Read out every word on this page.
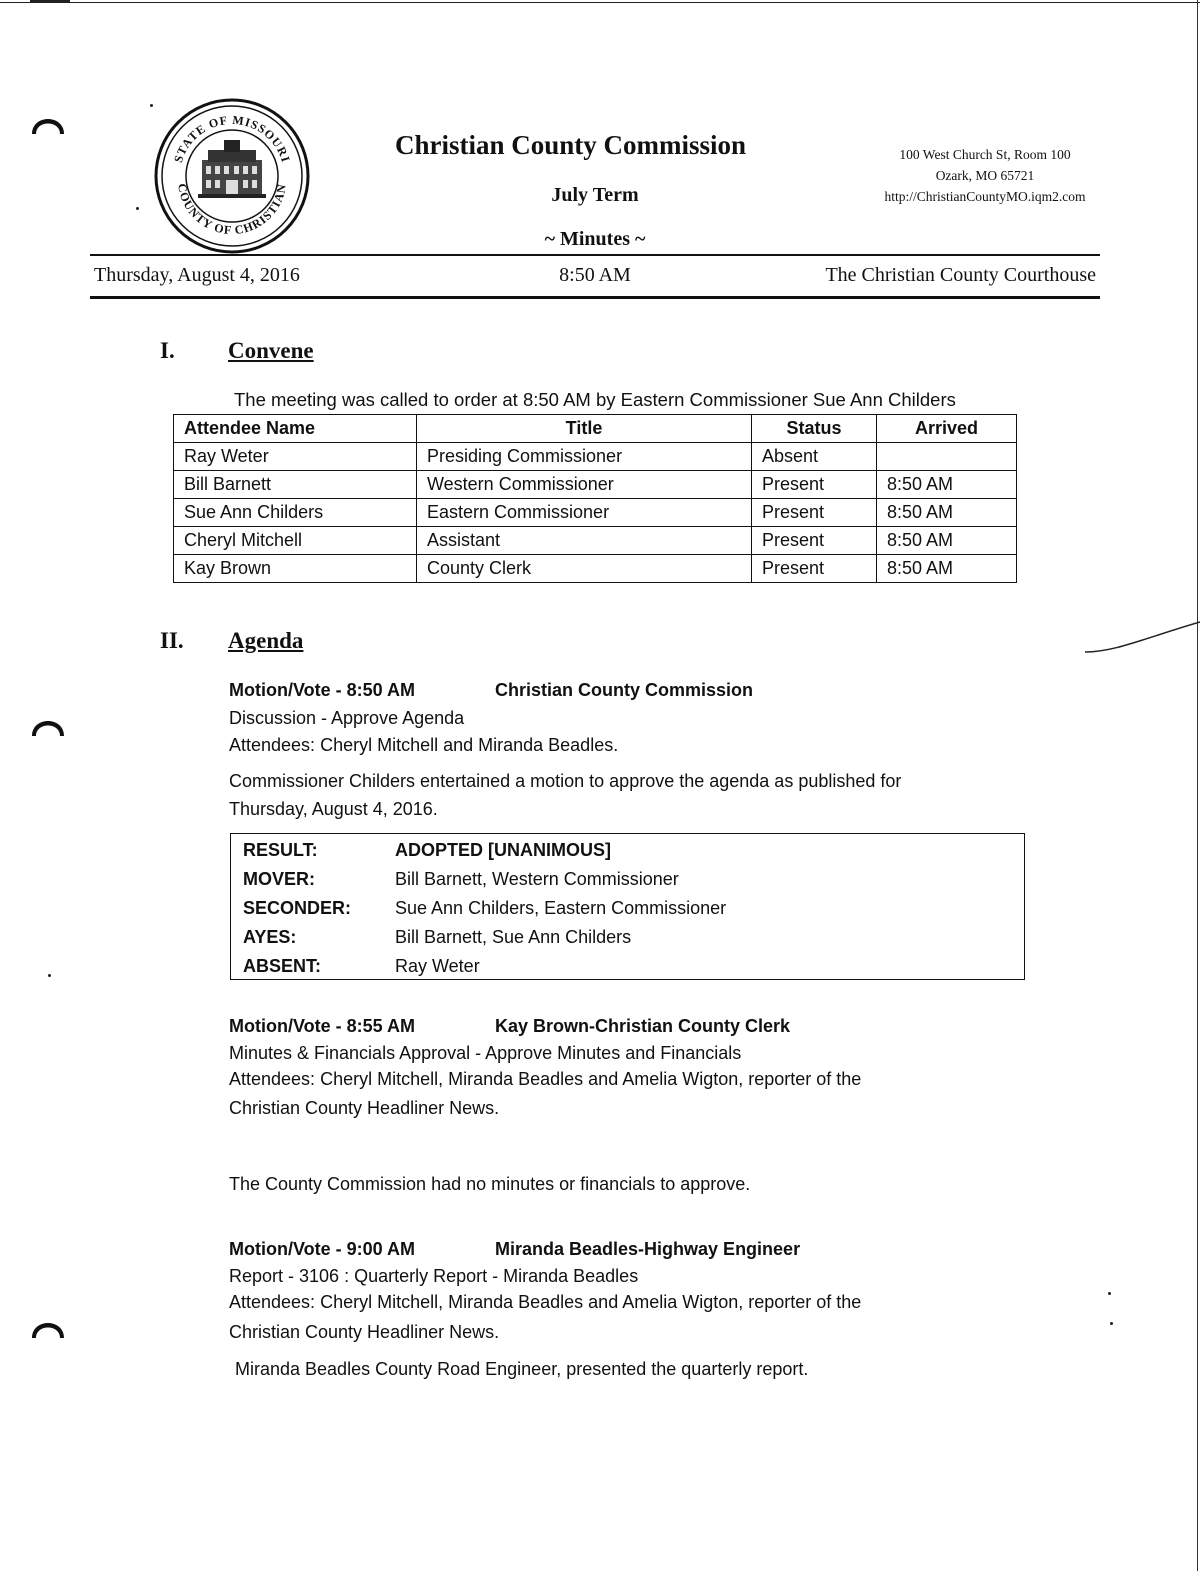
STATE OF MISSOURI
COUNTY OF CHRISTIAN
Christian County Commission
July Term
~ Minutes ~
100 West Church St, Room 100
Ozark, MO 65721
http://ChristianCountyMO.iqm2.com
Thursday, August 4, 2016	8:50 AM	The Christian County Courthouse
I. Convene
The meeting was called to order at 8:50 AM by Eastern Commissioner Sue Ann Childers
Attendee Name	Title	Status	Arrived
Ray Weter	Presiding Commissioner	Absent	
Bill Barnett	Western Commissioner	Present	8:50 AM
Sue Ann Childers	Eastern Commissioner	Present	8:50 AM
Cheryl Mitchell	Assistant	Present	8:50 AM
Kay Brown	County Clerk	Present	8:50 AM
II. Agenda
Motion/Vote - 8:50 AM	Christian County Commission
Discussion - Approve Agenda
Attendees: Cheryl Mitchell and Miranda Beadles.
Commissioner Childers entertained a motion to approve the agenda as published for
Thursday, August 4, 2016.
RESULT:	ADOPTED [UNANIMOUS]
MOVER:	Bill Barnett, Western Commissioner
SECONDER:	Sue Ann Childers, Eastern Commissioner
AYES:	Bill Barnett, Sue Ann Childers
ABSENT:	Ray Weter
Motion/Vote - 8:55 AM	Kay Brown-Christian County Clerk
Minutes & Financials Approval - Approve Minutes and Financials
Attendees: Cheryl Mitchell, Miranda Beadles and Amelia Wigton, reporter of the
Christian County Headliner News.
The County Commission had no minutes or financials to approve.
Motion/Vote - 9:00 AM	Miranda Beadles-Highway Engineer
Report - 3106 : Quarterly Report - Miranda Beadles
Attendees: Cheryl Mitchell, Miranda Beadles and Amelia Wigton, reporter of the
Christian County Headliner News.
Miranda Beadles County Road Engineer, presented the quarterly report.
